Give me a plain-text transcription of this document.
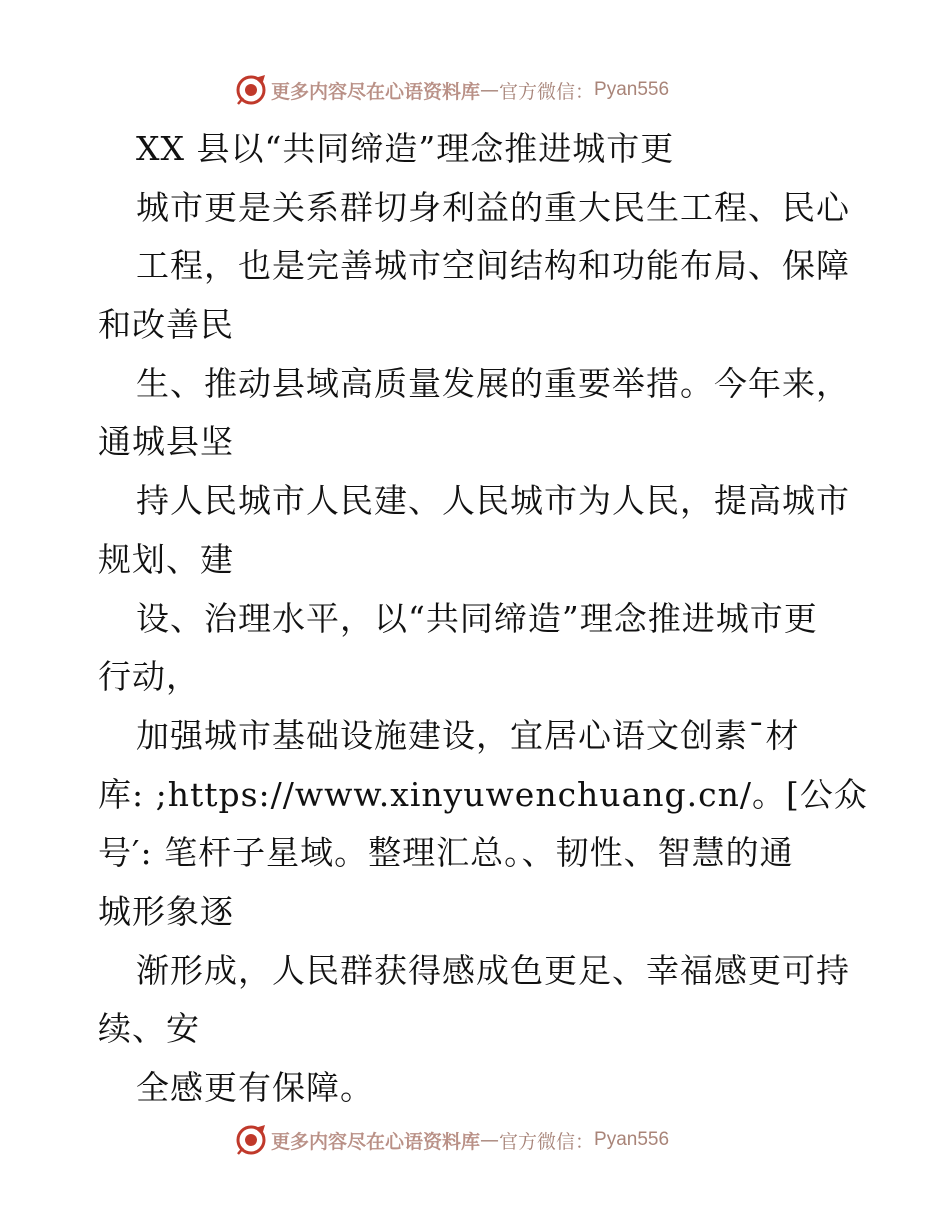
更多内容尽在心语资料库 — 官方微信： Pyan556
XX 县以“共同缔造”理念推进城市更
城市更是关系群切身利益的重大民生工程、民心
工程，也是完善城市空间结构和功能布局、保障
和改善民
生、推动县域高质量发展的重要举措。今年来，
通城县坚
持人民城市人民建、人民城市为人民，提高城市
规划、建
设、治理水平，以“共同缔造”理念推进城市更
行动，
加强城市基础设施建设，宜居心语文创素¯材
库: ;https://www.xinyuwenchuang.cn/。[公众
号′: 笔杆子星域。整理汇总。、韧性、智慧的通
城形象逐
渐形成，人民群获得感成色更足、幸福感更可持
续、安
全感更有保障。
更多内容尽在心语资料库 — 官方微信： Pyan556
